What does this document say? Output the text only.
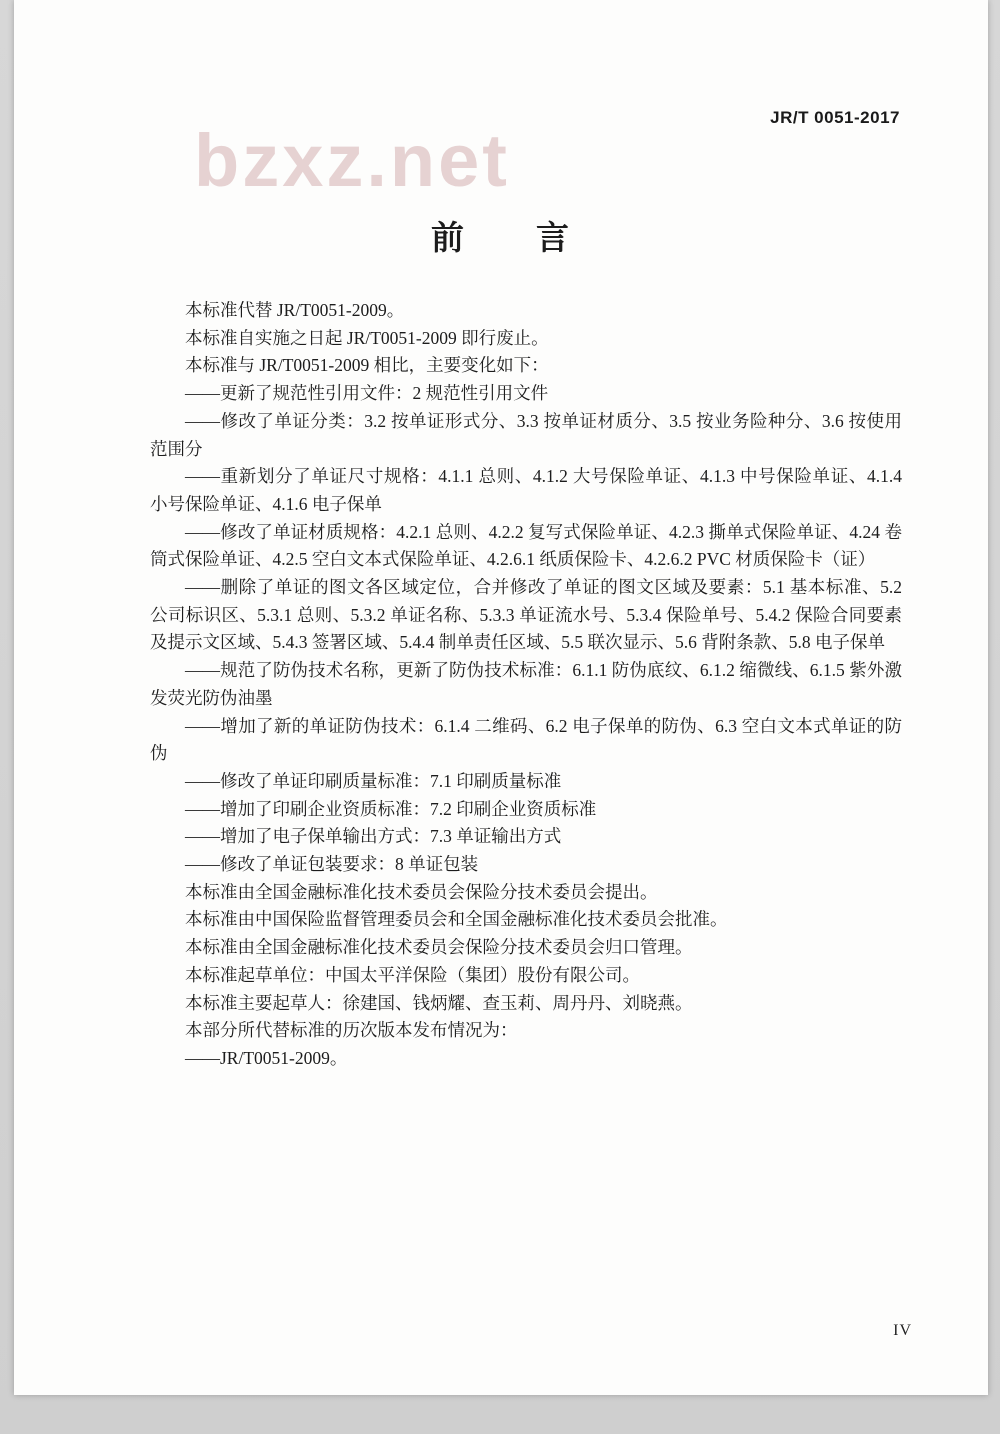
JR/T 0051-2017
bzxz.net
前　　言

本标准代替 JR/T0051-2009。

本标准自实施之日起 JR/T0051-2009 即行废止。

本标准与 JR/T0051-2009 相比，主要变化如下：

——更新了规范性引用文件：2 规范性引用文件

——修改了单证分类：3.2 按单证形式分、3.3 按单证材质分、3.5 按业务险种分、3.6 按使用范围分

——重新划分了单证尺寸规格：4.1.1 总则、4.1.2 大号保险单证、4.1.3 中号保险单证、4.1.4 小号保险单证、4.1.6 电子保单

——修改了单证材质规格：4.2.1 总则、4.2.2 复写式保险单证、4.2.3 撕单式保险单证、4.24 卷筒式保险单证、4.2.5 空白文本式保险单证、4.2.6.1 纸质保险卡、4.2.6.2 PVC 材质保险卡（证）

——删除了单证的图文各区域定位，合并修改了单证的图文区域及要素：5.1 基本标准、5.2 公司标识区、5.3.1 总则、5.3.2 单证名称、5.3.3 单证流水号、5.3.4 保险单号、5.4.2 保险合同要素及提示文区域、5.4.3 签署区域、5.4.4 制单责任区域、5.5 联次显示、5.6 背附条款、5.8 电子保单

——规范了防伪技术名称，更新了防伪技术标准：6.1.1 防伪底纹、6.1.2 缩微线、6.1.5 紫外激发荧光防伪油墨

——增加了新的单证防伪技术：6.1.4 二维码、6.2 电子保单的防伪、6.3 空白文本式单证的防伪

——修改了单证印刷质量标准：7.1 印刷质量标准

——增加了印刷企业资质标准：7.2 印刷企业资质标准

——增加了电子保单输出方式：7.3 单证输出方式

——修改了单证包装要求：8 单证包装

本标准由全国金融标准化技术委员会保险分技术委员会提出。

本标准由中国保险监督管理委员会和全国金融标准化技术委员会批准。

本标准由全国金融标准化技术委员会保险分技术委员会归口管理。

本标准起草单位：中国太平洋保险（集团）股份有限公司。

本标准主要起草人：徐建国、钱炳耀、查玉莉、周丹丹、刘晓燕。

本部分所代替标准的历次版本发布情况为：

——JR/T0051-2009。

IV
